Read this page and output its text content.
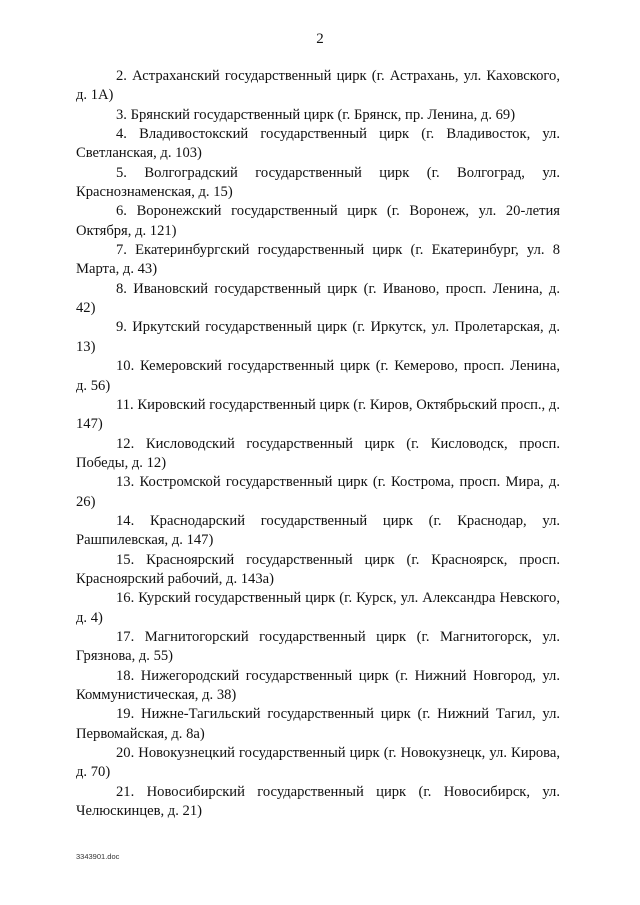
2

2. Астраханский государственный цирк (г. Астрахань, ул. Каховского, д. 1А)

3. Брянский государственный цирк (г. Брянск, пр. Ленина, д. 69)

4. Владивостокский государственный цирк (г. Владивосток, ул. Светланская, д. 103)

5. Волгоградский государственный цирк (г. Волгоград, ул. Краснознаменская, д. 15)

6. Воронежский государственный цирк (г. Воронеж, ул. 20-летия Октября, д. 121)

7. Екатеринбургский государственный цирк (г. Екатеринбург, ул. 8 Марта, д. 43)

8. Ивановский государственный цирк (г. Иваново, просп. Ленина, д. 42)

9. Иркутский государственный цирк (г. Иркутск, ул. Пролетарская, д. 13)

10. Кемеровский государственный цирк (г. Кемерово, просп. Ленина, д. 56)

11. Кировский государственный цирк (г. Киров, Октябрьский просп., д. 147)

12. Кисловодский государственный цирк (г. Кисловодск, просп. Победы, д. 12)

13. Костромской государственный цирк (г. Кострома, просп. Мира, д. 26)

14. Краснодарский государственный цирк (г. Краснодар, ул. Рашпилевская, д. 147)

15. Красноярский государственный цирк (г. Красноярск, просп. Красноярский рабочий, д. 143а)

16. Курский государственный цирк (г. Курск, ул. Александра Невского, д. 4)

17. Магнитогорский государственный цирк (г. Магнитогорск, ул. Грязнова, д. 55)

18. Нижегородский государственный цирк (г. Нижний Новгород, ул. Коммунистическая, д. 38)

19. Нижне-Тагильский государственный цирк (г. Нижний Тагил, ул. Первомайская, д. 8а)

20. Новокузнецкий государственный цирк (г. Новокузнецк, ул. Кирова, д. 70)

21. Новосибирский государственный цирк (г. Новосибирск, ул. Челюскинцев, д. 21)

3343901.doc
